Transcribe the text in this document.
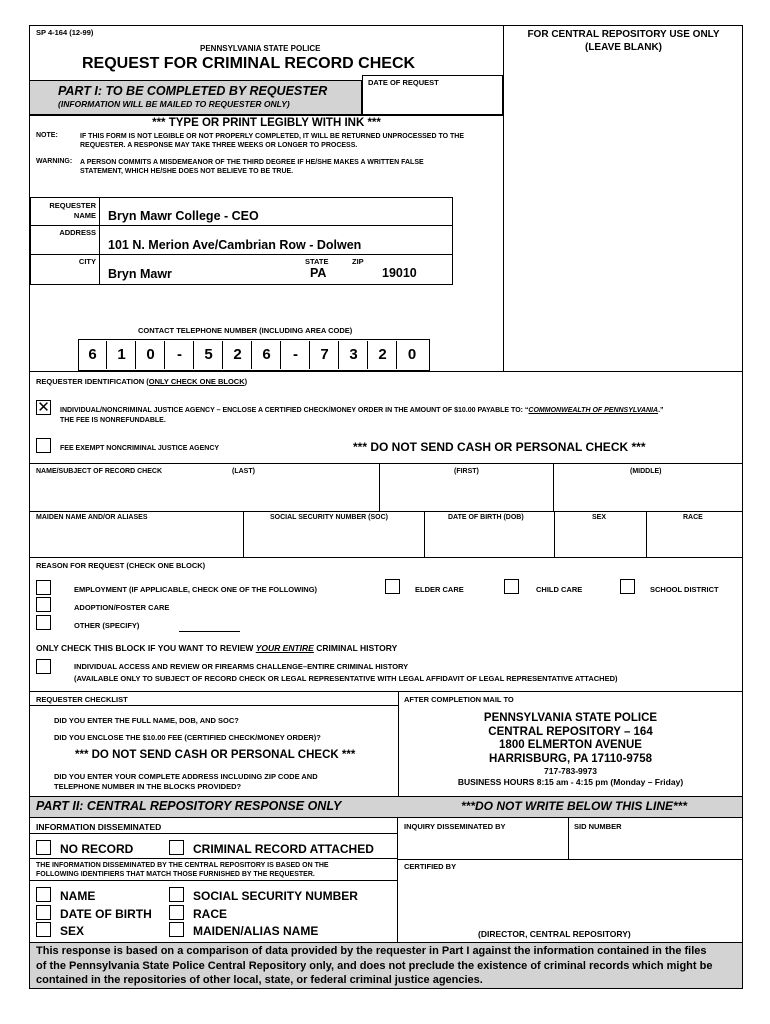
SP 4-164 (12-99)
PENNSYLVANIA STATE POLICE
REQUEST FOR CRIMINAL RECORD CHECK
FOR CENTRAL REPOSITORY USE ONLY
(LEAVE BLANK)
PART I: TO BE COMPLETED BY REQUESTER
(INFORMATION WILL BE MAILED TO REQUESTER ONLY)
DATE OF REQUEST
*** TYPE OR PRINT LEGIBLY WITH INK ***
NOTE:	IF THIS FORM IS NOT LEGIBLE OR NOT PROPERLY COMPLETED, IT WILL BE RETURNED UNPROCESSED TO THE
REQUESTER. A RESPONSE MAY TAKE THREE WEEKS OR LONGER TO PROCESS.
WARNING: A PERSON COMMITS A MISDEMEANOR OF THE THIRD DEGREE IF HE/SHE MAKES A WRITTEN FALSE
STATEMENT, WHICH HE/SHE DOES NOT BELIEVE TO BE TRUE.
REQUESTER
NAME Bryn Mawr College - CEO
ADDRESS
101 N. Merion Ave/Cambrian Row - Dolwen
CITY
Bryn Mawr
STATE
PA
ZIP
19010
CONTACT TELEPHONE NUMBER (INCLUDING AREA CODE)
6	1	0	-	5	2	6	-	7	3	2	0
REQUESTER IDENTIFICATION (ONLY CHECK ONE BLOCK)
✕ INDIVIDUAL/NONCRIMINAL JUSTICE AGENCY – ENCLOSE A CERTIFIED CHECK/MONEY ORDER IN THE AMOUNT OF $10.00 PAYABLE TO: “COMMONWEALTH OF PENNSYLVANIA.”
THE FEE IS NONREFUNDABLE.
FEE EXEMPT NONCRIMINAL JUSTICE AGENCY	*** DO NOT SEND CASH OR PERSONAL CHECK ***
NAME/SUBJECT OF RECORD CHECK	(LAST)	(FIRST)	(MIDDLE)
MAIDEN NAME AND/OR ALIASES	SOCIAL SECURITY NUMBER (SOC)	DATE OF BIRTH (DOB)	SEX	RACE
REASON FOR REQUEST (CHECK ONE BLOCK)
EMPLOYMENT (IF APPLICABLE, CHECK ONE OF THE FOLLOWING)	ELDER CARE	CHILD CARE	SCHOOL DISTRICT
ADOPTION/FOSTER CARE
OTHER (SPECIFY)
ONLY CHECK THIS BLOCK IF YOU WANT TO REVIEW YOUR ENTIRE CRIMINAL HISTORY
INDIVIDUAL ACCESS AND REVIEW OR FIREARMS CHALLENGE–ENTIRE CRIMINAL HISTORY
(AVAILABLE ONLY TO SUBJECT OF RECORD CHECK OR LEGAL REPRESENTATIVE WITH LEGAL AFFIDAVIT OF LEGAL REPRESENTATIVE ATTACHED)
REQUESTER CHECKLIST
DID YOU ENTER THE FULL NAME, DOB, AND SOC?
DID YOU ENCLOSE THE $10.00 FEE (CERTIFIED CHECK/MONEY ORDER)?
*** DO NOT SEND CASH OR PERSONAL CHECK ***
DID YOU ENTER YOUR COMPLETE ADDRESS INCLUDING ZIP CODE AND
TELEPHONE NUMBER IN THE BLOCKS PROVIDED?
AFTER COMPLETION MAIL TO
PENNSYLVANIA STATE POLICE
CENTRAL REPOSITORY – 164
1800 ELMERTON AVENUE
HARRISBURG, PA 17110-9758
717-783-9973
BUSINESS HOURS 8:15 am - 4:15 pm (Monday – Friday)
PART II: CENTRAL REPOSITORY RESPONSE ONLY	***DO NOT WRITE BELOW THIS LINE***
INFORMATION DISSEMINATED	INQUIRY DISSEMINATED BY	SID NUMBER
NO RECORD	CRIMINAL RECORD ATTACHED
THE INFORMATION DISSEMINATED BY THE CENTRAL REPOSITORY IS BASED ON THE
FOLLOWING IDENTIFIERS THAT MATCH THOSE FURNISHED BY THE REQUESTER.
CERTIFIED BY
NAME	SOCIAL SECURITY NUMBER
DATE OF BIRTH	RACE
SEX	MAIDEN/ALIAS NAME	(DIRECTOR, CENTRAL REPOSITORY)
This response is based on a comparison of data provided by the requester in Part I against the information contained in the files
of the Pennsylvania State Police Central Repository only, and does not preclude the existence of criminal records which might be
contained in the repositories of other local, state, or federal criminal justice agencies.
